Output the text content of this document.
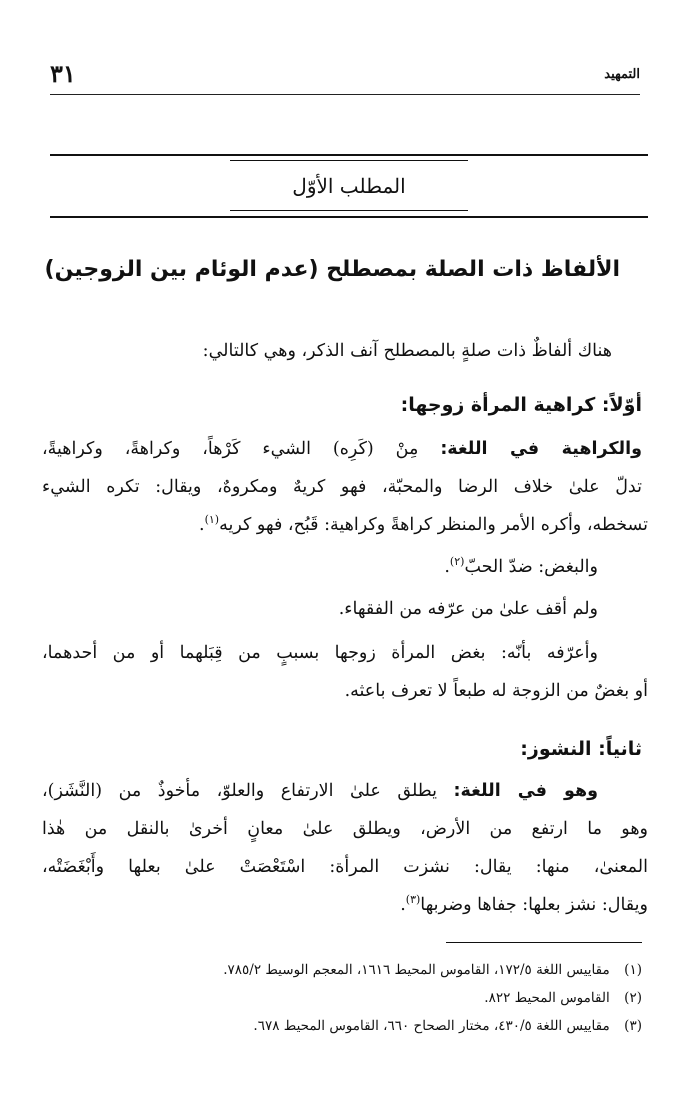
٣١	التمهيد
المطلب الأوّل
الألفاظ ذات الصلة بمصطلح (عدم الوئام بين الزوجين)
هناك ألفاظٌ ذات صلةٍ بالمصطلح آنف الذكر، وهي كالتالي:
أوّلاً: كراهية المرأة زوجها:
والكراهية في اللغة: مِنْ (كَرِه) الشيء كَرْهاً، وكراهةً، وكراهيةً،
تدلّ علىٰ خلاف الرضا والمحبّة، فهو كريهٌ ومكروهٌ، ويقال: تكره الشيء
تسخطه، وأكره الأمر والمنظر كراهةً وكراهية: قَبُح، فهو كريه$^{(١)}$.
والبغض: ضدّ الحبّ$^{(٢)}$.
ولم أقف علىٰ من عرّفه من الفقهاء.
وأعرّفه بأنّه: بغض المرأة زوجها بسببٍ من قِبَلهما أو من أحدهما،
أو بغضٌ من الزوجة له طبعاً لا تعرف باعثه.
ثانياً: النشوز:
وهو في اللغة: يطلق علىٰ الارتفاع والعلوّ، مأخوذٌ من (النَّشَز)،
وهو ما ارتفع من الأرض، ويطلق علىٰ معانٍ أخرىٰ بالنقل من هٰذا
المعنىٰ، منها: يقال: نشزت المرأة: اسْتَعْصَتْ علىٰ بعلها وأَبْغَضَتْه،
ويقال: نشز بعلها: جفاها وضربها$^{(٣)}$.
(١) مقاييس اللغة ١٧٢/٥، القاموس المحيط ١٦١٦، المعجم الوسيط ٧٨٥/٢.
(٢) القاموس المحيط ٨٢٢.
(٣) مقاييس اللغة ٤٣٠/٥، مختار الصحاح ٦٦٠، القاموس المحيط ٦٧٨.
